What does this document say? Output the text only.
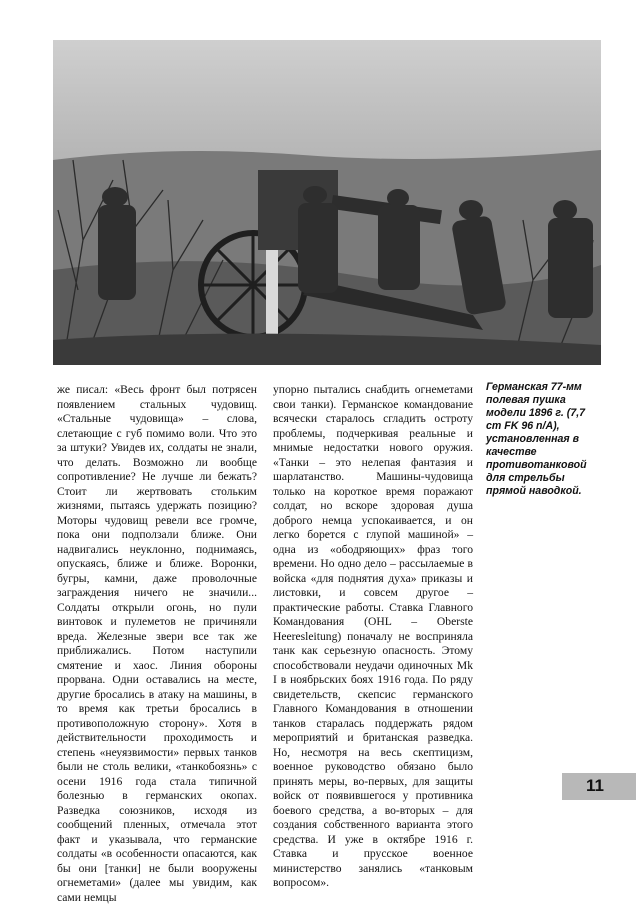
же писал: «Весь фронт был потрясен появлением стальных чудовищ. «Стальные чудовища» – слова, слетающие с губ помимо воли. Что это за штуки? Увидев их, солдаты не знали, что делать. Возможно ли вообще сопротивление? Не лучше ли бежать? Стоит ли жертвовать стольким жизнями, пытаясь удержать позицию? Моторы чудовищ ревели все громче, пока они подползали ближе. Они надвигались неуклонно, поднимаясь, опускаясь, ближе и ближе. Воронки, бугры, камни, даже проволочные заграждения ничего не значили... Солдаты открыли огонь, но пули винтовок и пулеметов не причиняли вреда. Железные звери все так же приближались. Потом наступили смятение и хаос. Линия обороны прорвана. Одни оставались на месте, другие бросались в атаку на машины, в то время как третьи бросались в противоположную сторону». Хотя в действительности проходимость и степень «неуязвимости» первых танков были не столь велики, «танкобоязнь» с осени 1916 года стала типичной болезнью в германских окопах. Разведка союзников, исходя из сообщений пленных, отмечала этот факт и указывала, что германские солдаты «в особенности опасаются, как бы они [танки] не были вооружены огнеметами» (далее мы увидим, как сами немцы

упорно пытались снабдить огнеметами свои танки). Германское командование всячески старалось сгладить остроту проблемы, подчеркивая реальные и мнимые недостатки нового оружия. «Танки – это нелепая фантазия и шарлатанство. Машины-чудовища только на короткое время поражают солдат, но вскоре здоровая душа доброго немца успокаивается, и он легко борется с глупой машиной» – одна из «ободряющих» фраз того времени. Но одно дело – рассылаемые в войска «для поднятия духа» приказы и листовки, и совсем другое – практические работы. Ставка Главного Командования (OHL – Oberste Heeresleitung) поначалу не восприняла танк как серьезную опасность. Этому способствовали неудачи одиночных Mk I в ноябрьских боях 1916 года. По ряду свидетельств, скепсис германского Главного Командования в отношении танков старалась поддержать рядом мероприятий и британская разведка. Но, несмотря на весь скептицизм, военное руководство обязано было принять меры, во-первых, для защиты войск от появившегося у противника боевого средства, а во-вторых – для создания собственного варианта этого средства. И уже в октябре 1916 г. Ставка и прусское военное министерство занялись «танковым вопросом».

Германская 77-мм полевая пушка модели 1896 г. (7,7 cm FK 96 n/A), установленная в качестве противотанковой для стрельбы прямой наводкой.
11
